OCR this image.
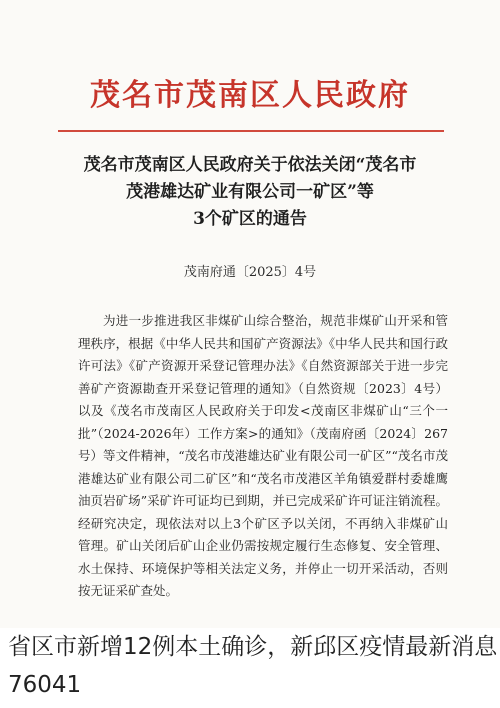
茂名市茂南区人民政府
茂名市茂南区人民政府关于依法关闭“茂名市
茂港雄达矿业有限公司一矿区”等
3个矿区的通告
茂南府通〔2025〕4号

为进一步推进我区非煤矿山综合整治，规范非煤矿山开采和管理秩序，根据《中华人民共和国矿产资源法》《中华人民共和国行政许可法》《矿产资源开采登记管理办法》《自然资源部关于进一步完善矿产资源勘查开采登记管理的通知》（自然资规〔2023〕4号）以及《茂名市茂南区人民政府关于印发<茂南区非煤矿山“三个一批”（2024-2026年）工作方案>的通知》（茂南府函〔2024〕267号）等文件精神，“茂名市茂港雄达矿业有限公司一矿区”“茂名市茂港雄达矿业有限公司二矿区”和“茂名市茂港区羊角镇爱群村委雄鹰油页岩矿场”采矿许可证均已到期，并已完成采矿许可证注销流程。经研究决定，现依法对以上3个矿区予以关闭，不再纳入非煤矿山管理。矿山关闭后矿山企业仍需按规定履行生态修复、安全管理、水土保持、环境保护等相关法定义务，并停止一切开采活动，否则按无证采矿查处。

省区市新增12例本土确诊，新邱区疫情最新消息 76041
